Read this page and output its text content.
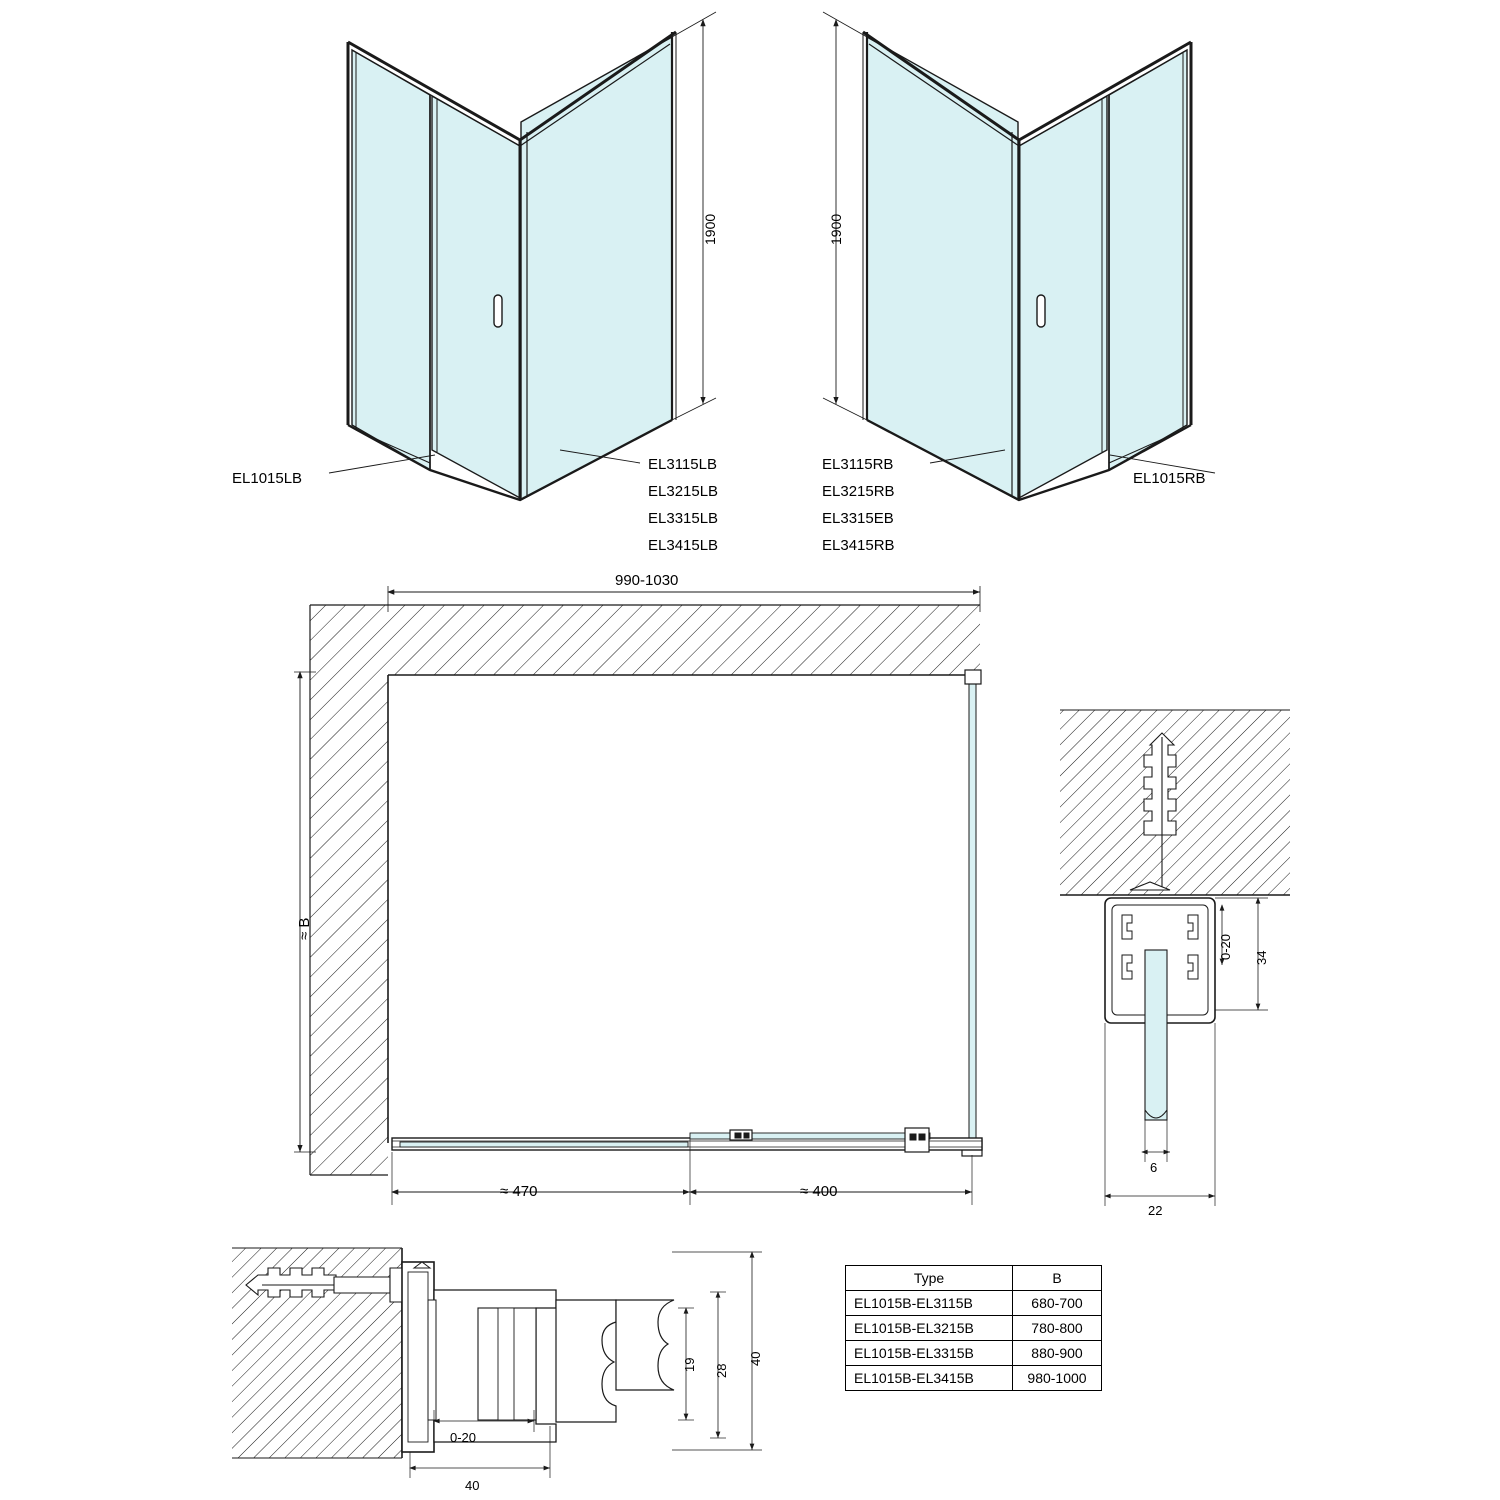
1900	1900
EL1015LB
EL3115LB
EL3215LB
EL3315LB
EL3415LB
EL3115RB
EL3215RB
EL3315EB
EL3415RB
EL1015RB
990-1030
≈ B
≈ 470	≈ 400
0-20 34
6
22
19 28
40
0-20
40
Type	B
EL1015B-EL3115B	680-700
EL1015B-EL3215B	780-800
EL1015B-EL3315B	880-900
EL1015B-EL3415B	980-1000
